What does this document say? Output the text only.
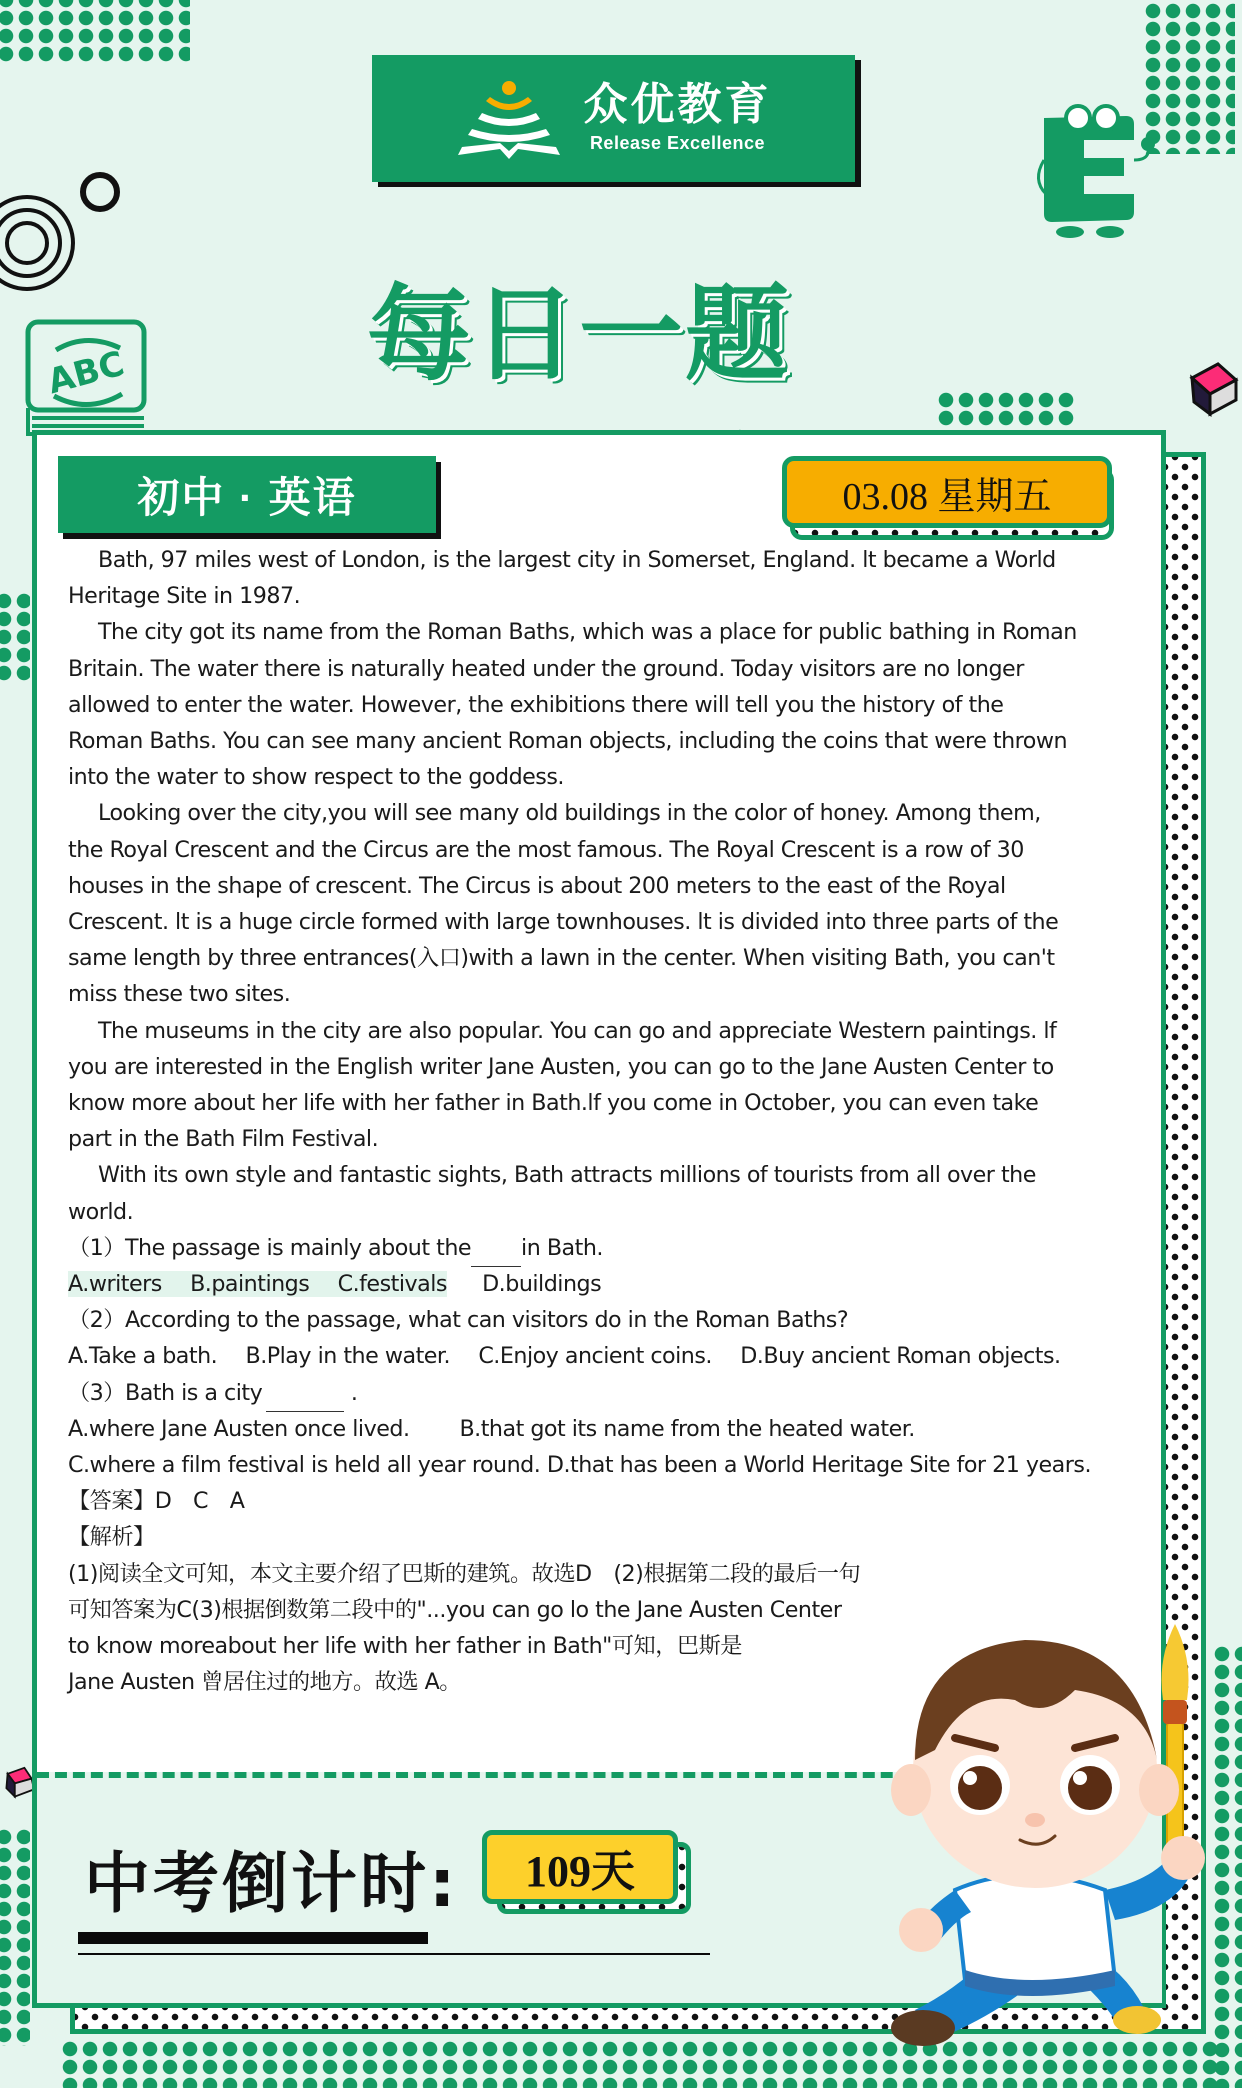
ABC
众优教育
Release Excellence
每日一题
初中 · 英语	03.08 星期五

Bath, 97 miles west of London, is the largest city in Somerset, England. lt became a World

Heritage Site in 1987.

The city got its name from the Roman Baths, which was a place for public bathing in Roman

Britain. The water there is naturally heated under the ground. Today visitors are no longer

allowed to enter the water. However, the exhibitions there will tell you the history of the

Roman Baths. You can see many ancient Roman objects, including the coins that were thrown

into the water to show respect to the goddess.

Looking over the city,you will see many old buildings in the color of honey. Among them,

the Royal Crescent and the Circus are the most famous. The Royal Crescent is a row of 30

houses in the shape of crescent. The Circus is about 200 meters to the east of the Royal

Crescent. lt is a huge circle formed with large townhouses. lt is divided into three parts of the

same length by three entrances(入口)with a lawn in the center. When visiting Bath, you can't

miss these two sites.

The museums in the city are also popular. You can go and appreciate Western paintings. lf

you are interested in the English writer Jane Austen, you can go to the Jane Austen Center to

know more about her life with her father in Bath.lf you come in October, you can even take

part in the Bath Film Festival.

With its own style and fantastic sights, Bath attracts millions of tourists from all over the

world.

（1）The passage is mainly about the in Bath.

A.writers　 B.paintings　 C.festivals D.buildings

（2）According to the passage, what can visitors do in the Roman Baths?

A.Take a bath.　 B.Play in the water.　 C.Enjoy ancient coins.　 D.Buy ancient Roman objects.

（3）Bath is a city	.

A.where Jane Austen once lived.　　 B.that got its name from the heated water.

C.where a film festival is held all year round. D.that has been a World Heritage Site for 21 years.

【答案】D　C　A

【解析】

(1)阅读全文可知，本文主要介绍了巴斯的建筑。故选D　(2)根据第二段的最后一句

可知答案为C(3)根据倒数第二段中的"...you can go lo the Jane Austen Center

to know moreabout her life with her father in Bath"可知，巴斯是

Jane Austen 曾居住过的地方。故选 A。

中考倒计时:	109天
